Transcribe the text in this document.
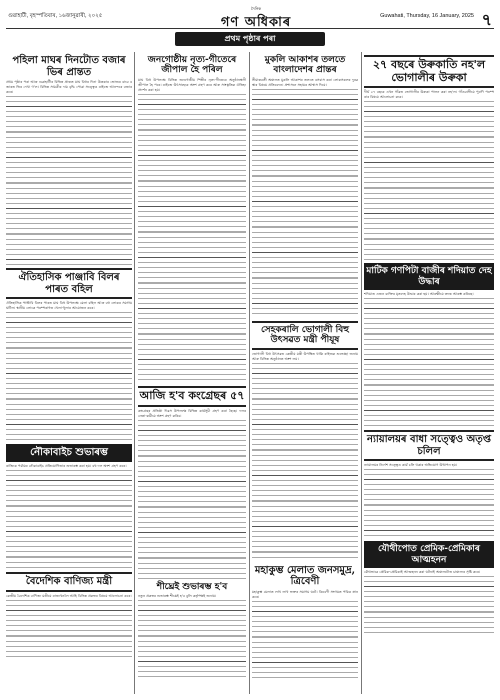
গুৱাহাটী, বৃহস্পতিবাৰ, ১৬জানুৱাৰী, ২০২৫
দৈনিক
গণ অধিকাৰ	Guwahati, Thursday, 16 January, 2025 ৭
প্ৰথম পৃষ্ঠাৰ পৰা
পহিলা মাঘৰ দিনটোত বজাৰ ভিৰ প্ৰান্তত

প্ৰথম পৃষ্ঠাৰ পৰা আৰু গুৱাহাটীৰ বিভিন্ন প্ৰান্তত মাঘ বিহুৰ দিনা উৰুকাৰ ভোজৰ বাবে বজাৰত ভিৰ দেখা গ'ল। বিভিন্ন সামগ্ৰীৰ দাম বৃদ্ধি পোৱা সত্ত্বেও ৰাইজে আনন্দৰে বজাৰ কৰে।

ঐতিহাসিক পাঞ্জাবি বিলৰ পাৰত বহিল

ঐতিহাসিক পাঞ্জাবি বিলৰ পাৰত মাঘ বিহু উপলক্ষে মেলা বহিল আৰু বহু লোকৰ সমাগম ঘটিল। স্থানীয় লোকে পৰম্পৰাগত খেলা-ধূলাৰ আয়োজন কৰে।

নৌকাবাইচ শুভাৰম্ভ

ৰাজ্যিক পৰ্যায়ৰ নৌকাবাইচ প্ৰতিযোগিতাৰ শুভাৰম্ভ কৰা হয়। বহু দল অংশ গ্ৰহণ কৰে।

বৈদেশিক বাণিজ্য মন্ত্ৰী

কেন্দ্ৰীয় বৈদেশিক বাণিজ্য মন্ত্ৰীয়ে ৰাজ্যখনলৈ আহি বিভিন্ন প্ৰকল্পৰ বিষয়ে আলোচনা কৰে।

জনগোষ্ঠীয় নৃত্য-গীতেৰে জীপাল হৈ পৰিল

মাঘ বিহু উপলক্ষে বিভিন্ন জনগোষ্ঠীয় শিল্পীৰ নৃত্য-গীতেৰে অনুষ্ঠানস্থলী জীপাল হৈ পৰে। ৰাইজে উৎসাহেৰে অংশ গ্ৰহণ কৰে আৰু সাংস্কৃতিক ঐতিহ্য প্ৰদৰ্শন কৰা হয়।

আজি হ'ব কংগ্ৰেছৰ ৫৭

কংগ্ৰেছৰ প্ৰতিষ্ঠা দিৱস উপলক্ষে বিভিন্ন কাৰ্যসূচী গ্ৰহণ কৰা হৈছে। দলৰ নেতা-কৰ্মীয়ে অংশ গ্ৰহণ কৰিব।

শীঘ্ৰেই শুভাৰম্ভ হ'ব

নতুন প্ৰকল্পৰ শুভাৰম্ভ শীঘ্ৰেই হ'ব বুলি কৰ্তৃপক্ষই জনায়।

মুকলি আকাশৰ তলতে বাংলাদেশৰ প্ৰান্তৰ

সীমান্তবৰ্তী অঞ্চলত মুকলি আকাশৰ তলতে বসবাস কৰা লোকসকলৰ দুৰৱস্থাৰ বিষয়ে প্ৰতিবেদন। প্ৰশাসনে সহায়ৰ আশ্বাস দিয়ে।

সেহকৰালি ভোগালী বিহু উৎসৱত মন্ত্ৰী পীযূষ

ভোগালী বিহু উৎসৱত কেন্দ্ৰীয় মন্ত্ৰী উপস্থিত থাকি ৰাইজক শুভেচ্ছা জনায় আৰু বিভিন্ন অনুষ্ঠানত অংশ লয়।

মহাকুম্ভ মেলাত জনসমুদ্ৰ, ত্ৰিবেণী

মহাকুম্ভ মেলাত লাখ লাখ ভক্তৰ সমাগম ঘটে। ত্ৰিবেণী সংগমত পবিত্ৰ স্নান কৰে।

২৭ বছৰে উৰুকাতি নহ'ল ভোগালীৰ উৰুকা

দীৰ্ঘ ২৭ বছৰে এখন গাঁৱত ভোগালীৰ উৰুকা পালন কৰা নহ'ল। গাঁওবাসীয়ে পুৰণি পৰম্পৰাৰ বিষয়ে আলোচনা কৰে।

মাটিক গণপিটা বাজীৰ শদিয়াত দেহ উদ্ধাৰ

শদিয়াত এজন ব্যক্তিৰ মৃতদেহ উদ্ধাৰ কৰা হয়। আৰক্ষীয়ে তদন্ত আৰম্ভ কৰিছে।

ন্যায়ালয়ৰ বাধা সত্ত্বেও অতৃপ্ত চলিল

ন্যায়ালয়ৰ নিৰ্দেশ সত্ত্বেও কাৰ্য চলি থকাৰ অভিযোগ উত্থাপন হয়।

যৌথীপোত প্ৰেমিক-প্ৰেমিকাৰ আত্মহনন

যৌথভাৱে প্ৰেমিক-প্ৰেমিকাই আত্মহনন কৰা ঘটনাই অঞ্চলটোত চাঞ্চল্যৰ সৃষ্টি কৰে।
